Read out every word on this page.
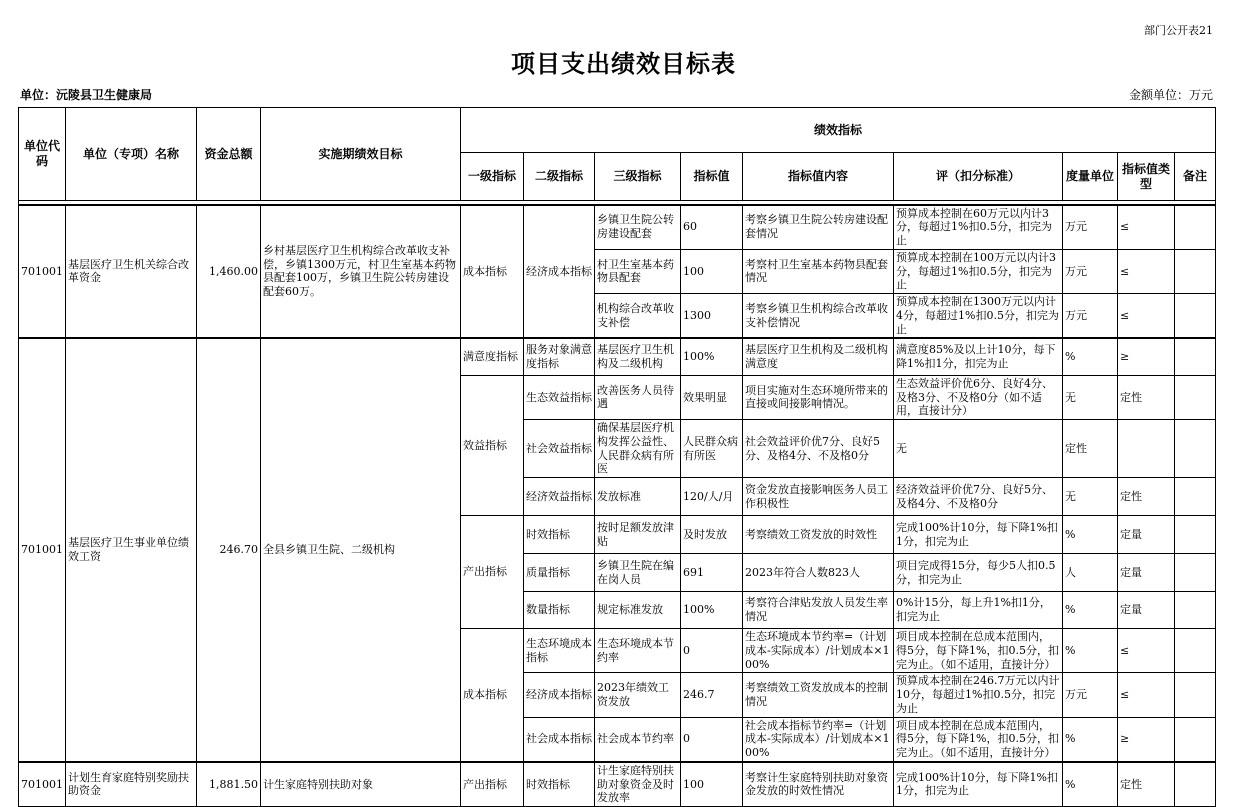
部门公开表21
项目支出绩效目标表
单位：沅陵县卫生健康局	金额单位：万元
单位代码	单位（专项）名称	资金总额	实施期绩效目标	绩效指标								
				一级指标	二级指标	三级指标	指标值	指标值内容	评（扣分标准）	度量单位	指标值类型	备注

701001	基层医疗卫生机关综合改革资金	1,460.00	乡村基层医疗卫生机构综合改革收支补偿，乡镇1300万元，村卫生室基本药物县配套100万，乡镇卫生院公转房建设配套60万。	成本指标	经济成本指标	乡镇卫生院公转房建设配套	60	考察乡镇卫生院公转房建设配套情况	预算成本控制在60万元以内计3分，每超过1%扣0.5分，扣完为止	万元	≤	
						村卫生室基本药物县配套	100	考察村卫生室基本药物县配套情况	预算成本控制在100万元以内计3分，每超过1%扣0.5分，扣完为止	万元	≤	
						机构综合改革收支补偿	1300	考察乡镇卫生机构综合改革收支补偿情况	预算成本控制在1300万元以内计4分，每超过1%扣0.5分，扣完为止	万元	≤	
701001	基层医疗卫生事业单位绩效工资	246.70	全县乡镇卫生院、二级机构	满意度指标	服务对象满意度指标	基层医疗卫生机构及二级机构	100%	基层医疗卫生机构及二级机构满意度	满意度85%及以上计10分，每下降1%扣1分，扣完为止	%	≥	
				效益指标	生态效益指标	改善医务人员待遇	效果明显	项目实施对生态环境所带来的直接或间接影响情况。	生态效益评价优6分、良好4分、及格3分、不及格0分（如不适用，直接计分）	无	定性	
					社会效益指标	确保基层医疗机构发挥公益性、人民群众病有所医	人民群众病有所医	社会效益评价优7分、良好5分、及格4分、不及格0分	无	定性		
					经济效益指标	发放标准	120/人/月	资金发放直接影响医务人员工作积极性	经济效益评价优7分、良好5分、及格4分、不及格0分	无	定性	
				产出指标	时效指标	按时足额发放津贴	及时发放	考察绩效工资发放的时效性	完成100%计10分，每下降1%扣1分，扣完为止	%	定量	
					质量指标	乡镇卫生院在编在岗人员	691	2023年符合人数823人	项目完成得15分，每少5人扣0.5分，扣完为止	人	定量	
					数量指标	规定标准发放	100%	考察符合津贴发放人员发生率情况	0%计15分，每上升1%扣1分，扣完为止	%	定量	
				成本指标	生态环境成本指标	生态环境成本节约率	0	生态环境成本节约率=（计划成本-实际成本）/计划成本×100%	项目成本控制在总成本范围内，得5分，每下降1%，扣0.5分，扣完为止。（如不适用，直接计分）	%	≤	
					经济成本指标	2023年绩效工资发放	246.7	考察绩效工资发放成本的控制情况	预算成本控制在246.7万元以内计10分，每超过1%扣0.5分，扣完为止	万元	≤	
					社会成本指标	社会成本节约率	0	社会成本指标节约率=（计划成本-实际成本）/计划成本×100%	项目成本控制在总成本范围内，得5分，每下降1%，扣0.5分，扣完为止。（如不适用，直接计分）	%	≥	
701001	计划生育家庭特别奖励扶助资金	1,881.50	计生家庭特别扶助对象	产出指标	时效指标	计生家庭特别扶助对象资金及时发放率	100	考察计生家庭特别扶助对象资金发放的时效性情况	完成100%计10分，每下降1%扣1分，扣完为止	%	定性	
